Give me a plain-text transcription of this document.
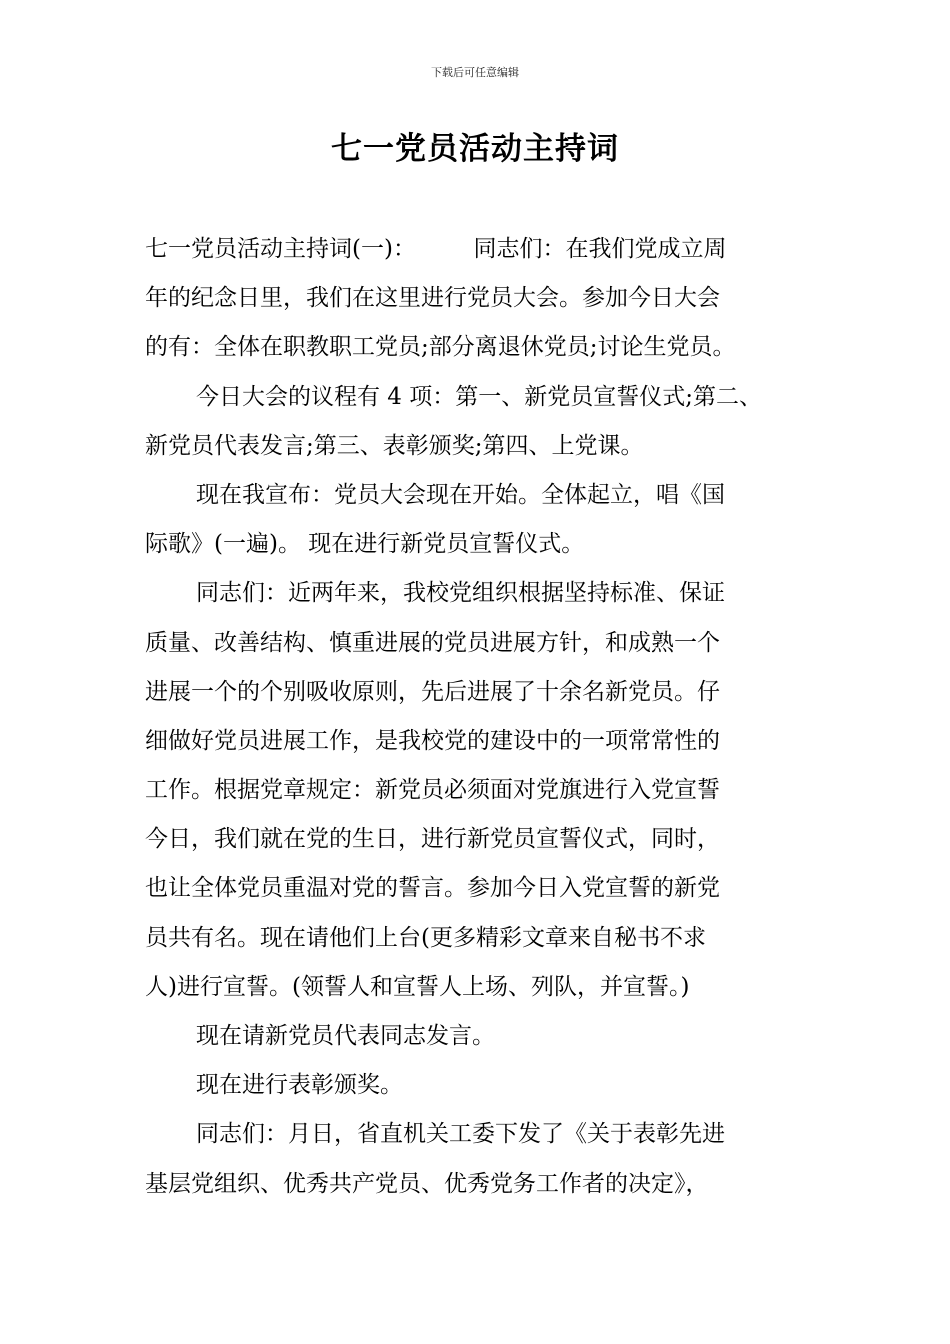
下载后可任意编辑
七一党员活动主持词
七一党员活动主持词(一)：　　　同志们：在我们党成立周
年的纪念日里，我们在这里进行党员大会。参加今日大会
的有：全体在职教职工党员;部分离退休党员;讨论生党员。
今日大会的议程有 4 项：第一、新党员宣誓仪式;第二、
新党员代表发言;第三、表彰颁奖;第四、上党课。
现在我宣布：党员大会现在开始。全体起立，唱《国
际歌》(一遍)。 现在进行新党员宣誓仪式。
同志们：近两年来，我校党组织根据坚持标准、保证
质量、改善结构、慎重进展的党员进展方针，和成熟一个
进展一个的个别吸收原则，先后进展了十余名新党员。仔
细做好党员进展工作，是我校党的建设中的一项常常性的
工作。根据党章规定：新党员必须面对党旗进行入党宣誓
今日，我们就在党的生日，进行新党员宣誓仪式，同时，
也让全体党员重温对党的誓言。参加今日入党宣誓的新党
员共有名。现在请他们上台(更多精彩文章来自秘书不求
人)进行宣誓。(领誓人和宣誓人上场、列队，并宣誓。)
现在请新党员代表同志发言。
现在进行表彰颁奖。
同志们：月日，省直机关工委下发了《关于表彰先进
基层党组织、优秀共产党员、优秀党务工作者的决定》，
